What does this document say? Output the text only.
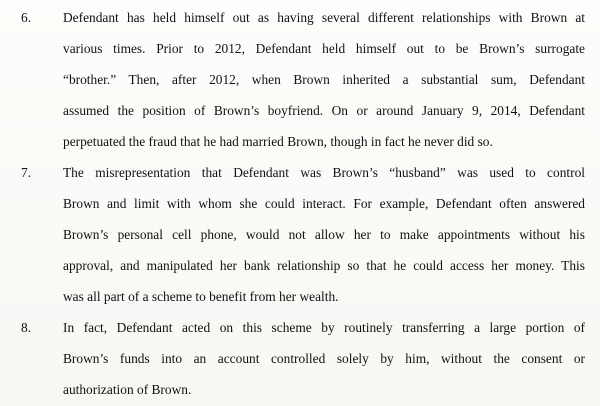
6.	Defendant has held himself out as having several different relationships with Brown at
various times. Prior to 2012, Defendant held himself out to be Brown’s surrogate
“brother.” Then, after 2012, when Brown inherited a substantial sum, Defendant
assumed the position of Brown’s boyfriend. On or around January 9, 2014, Defendant
perpetuated the fraud that he had married Brown, though in fact he never did so.
7.	The misrepresentation that Defendant was Brown’s “husband” was used to control
Brown and limit with whom she could interact. For example, Defendant often answered
Brown’s personal cell phone, would not allow her to make appointments without his
approval, and manipulated her bank relationship so that he could access her money. This
was all part of a scheme to benefit from her wealth.
8.	In fact, Defendant acted on this scheme by routinely transferring a large portion of
Brown’s funds into an account controlled solely by him, without the consent or
authorization of Brown.
